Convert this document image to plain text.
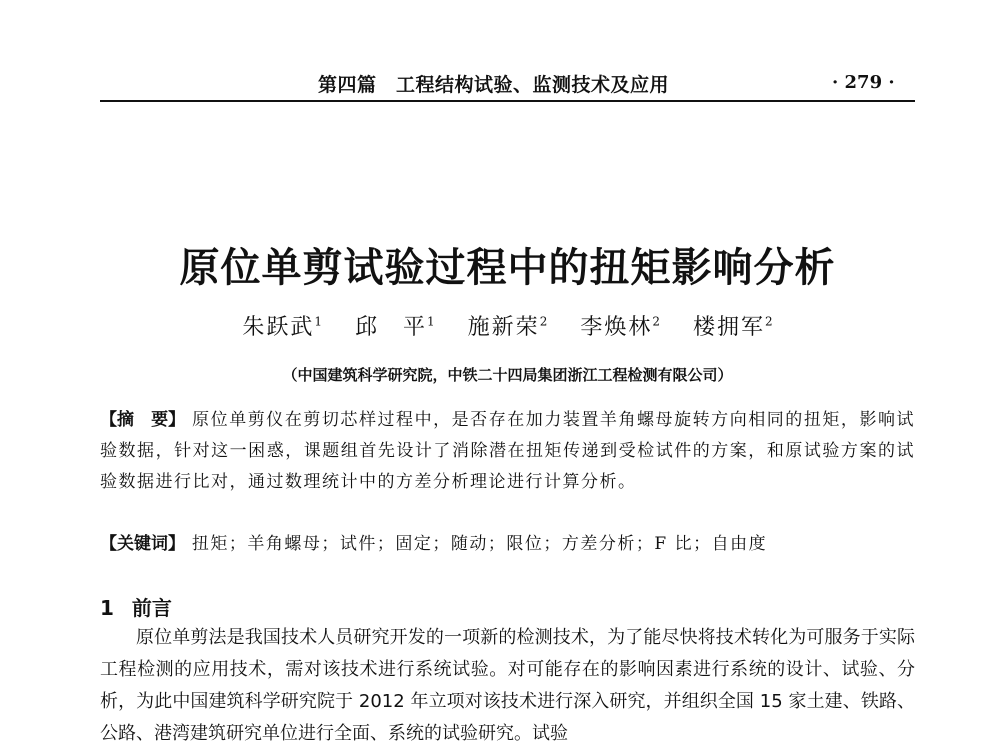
第四篇　工程结构试验、监测技术及应用	· 279 ·
原位单剪试验过程中的扭矩影响分析
朱跃武$^1$ 邱　平$^1$ 施新荣$^2$ 李焕林$^2$ 楼拥军$^2$
（中国建筑科学研究院，中铁二十四局集团浙江工程检测有限公司）
【摘　要】 原位单剪仪在剪切芯样过程中，是否存在加力装置羊角螺母旋转方向相同的扭矩，影响试验数据，针对这一困惑，课题组首先设计了消除潜在扭矩传递到受检试件的方案，和原试验方案的试验数据进行比对，通过数理统计中的方差分析理论进行计算分析。
【关键词】 扭矩；羊角螺母；试件；固定；随动；限位；方差分析；F 比；自由度
1 前言
原位单剪法是我国技术人员研究开发的一项新的检测技术，为了能尽快将技术转化为可服务于实际工程检测的应用技术，需对该技术进行系统试验。对可能存在的影响因素进行系统的设计、试验、分析，为此中国建筑科学研究院于 2012 年立项对该技术进行深入研究，并组织全国 15 家土建、铁路、公路、港湾建筑研究单位进行全面、系统的试验研究。试验
